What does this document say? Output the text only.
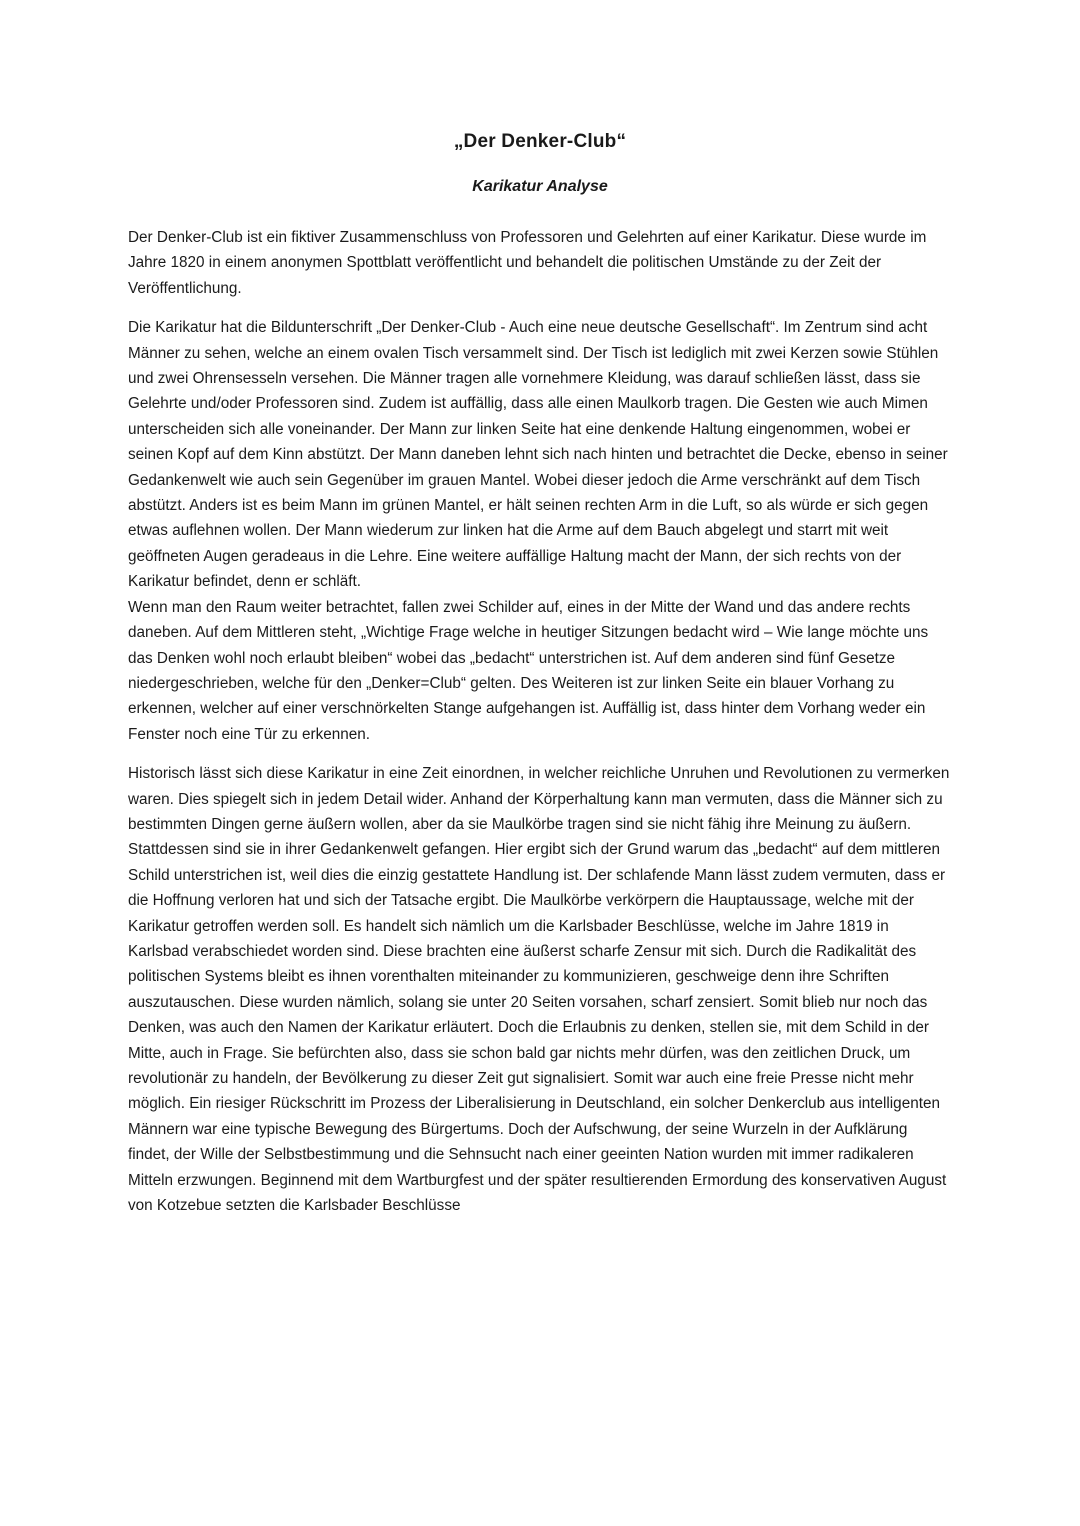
„Der Denker-Club“
Karikatur Analyse

Der Denker-Club ist ein fiktiver Zusammenschluss von Professoren und Gelehrten auf einer Karikatur. Diese wurde im Jahre 1820 in einem anonymen Spottblatt veröffentlicht und behandelt die politischen Umstände zu der Zeit der Veröffentlichung.

Die Karikatur hat die Bildunterschrift „Der Denker-Club - Auch eine neue deutsche Gesellschaft“. Im Zentrum sind acht Männer zu sehen, welche an einem ovalen Tisch versammelt sind. Der Tisch ist lediglich mit zwei Kerzen sowie Stühlen und zwei Ohrensesseln versehen. Die Männer tragen alle vornehmere Kleidung, was darauf schließen lässt, dass sie Gelehrte und/oder Professoren sind. Zudem ist auffällig, dass alle einen Maulkorb tragen. Die Gesten wie auch Mimen unterscheiden sich alle voneinander. Der Mann zur linken Seite hat eine denkende Haltung eingenommen, wobei er seinen Kopf auf dem Kinn abstützt. Der Mann daneben lehnt sich nach hinten und betrachtet die Decke, ebenso in seiner Gedankenwelt wie auch sein Gegenüber im grauen Mantel. Wobei dieser jedoch die Arme verschränkt auf dem Tisch abstützt. Anders ist es beim Mann im grünen Mantel, er hält seinen rechten Arm in die Luft, so als würde er sich gegen etwas auflehnen wollen. Der Mann wiederum zur linken hat die Arme auf dem Bauch abgelegt und starrt mit weit geöffneten Augen geradeaus in die Lehre. Eine weitere auffällige Haltung macht der Mann, der sich rechts von der Karikatur befindet, denn er schläft.

Wenn man den Raum weiter betrachtet, fallen zwei Schilder auf, eines in der Mitte der Wand und das andere rechts daneben. Auf dem Mittleren steht, „Wichtige Frage welche in heutiger Sitzungen bedacht wird – Wie lange möchte uns das Denken wohl noch erlaubt bleiben“ wobei das „bedacht“ unterstrichen ist. Auf dem anderen sind fünf Gesetze niedergeschrieben, welche für den „Denker=Club“ gelten. Des Weiteren ist zur linken Seite ein blauer Vorhang zu erkennen, welcher auf einer verschnörkelten Stange aufgehangen ist. Auffällig ist, dass hinter dem Vorhang weder ein Fenster noch eine Tür zu erkennen.

Historisch lässt sich diese Karikatur in eine Zeit einordnen, in welcher reichliche Unruhen und Revolutionen zu vermerken waren. Dies spiegelt sich in jedem Detail wider. Anhand der Körperhaltung kann man vermuten, dass die Männer sich zu bestimmten Dingen gerne äußern wollen, aber da sie Maulkörbe tragen sind sie nicht fähig ihre Meinung zu äußern. Stattdessen sind sie in ihrer Gedankenwelt gefangen. Hier ergibt sich der Grund warum das „bedacht“ auf dem mittleren Schild unterstrichen ist, weil dies die einzig gestattete Handlung ist. Der schlafende Mann lässt zudem vermuten, dass er die Hoffnung verloren hat und sich der Tatsache ergibt. Die Maulkörbe verkörpern die Hauptaussage, welche mit der Karikatur getroffen werden soll. Es handelt sich nämlich um die Karlsbader Beschlüsse, welche im Jahre 1819 in Karlsbad verabschiedet worden sind. Diese brachten eine äußerst scharfe Zensur mit sich. Durch die Radikalität des politischen Systems bleibt es ihnen vorenthalten miteinander zu kommunizieren, geschweige denn ihre Schriften auszutauschen. Diese wurden nämlich, solang sie unter 20 Seiten vorsahen, scharf zensiert. Somit blieb nur noch das Denken, was auch den Namen der Karikatur erläutert. Doch die Erlaubnis zu denken, stellen sie, mit dem Schild in der Mitte, auch in Frage. Sie befürchten also, dass sie schon bald gar nichts mehr dürfen, was den zeitlichen Druck, um revolutionär zu handeln, der Bevölkerung zu dieser Zeit gut signalisiert. Somit war auch eine freie Presse nicht mehr möglich. Ein riesiger Rückschritt im Prozess der Liberalisierung in Deutschland, ein solcher Denkerclub aus intelligenten Männern war eine typische Bewegung des Bürgertums. Doch der Aufschwung, der seine Wurzeln in der Aufklärung findet, der Wille der Selbstbestimmung und die Sehnsucht nach einer geeinten Nation wurden mit immer radikaleren Mitteln erzwungen. Beginnend mit dem Wartburgfest und der später resultierenden Ermordung des konservativen August von Kotzebue setzten die Karlsbader Beschlüsse
